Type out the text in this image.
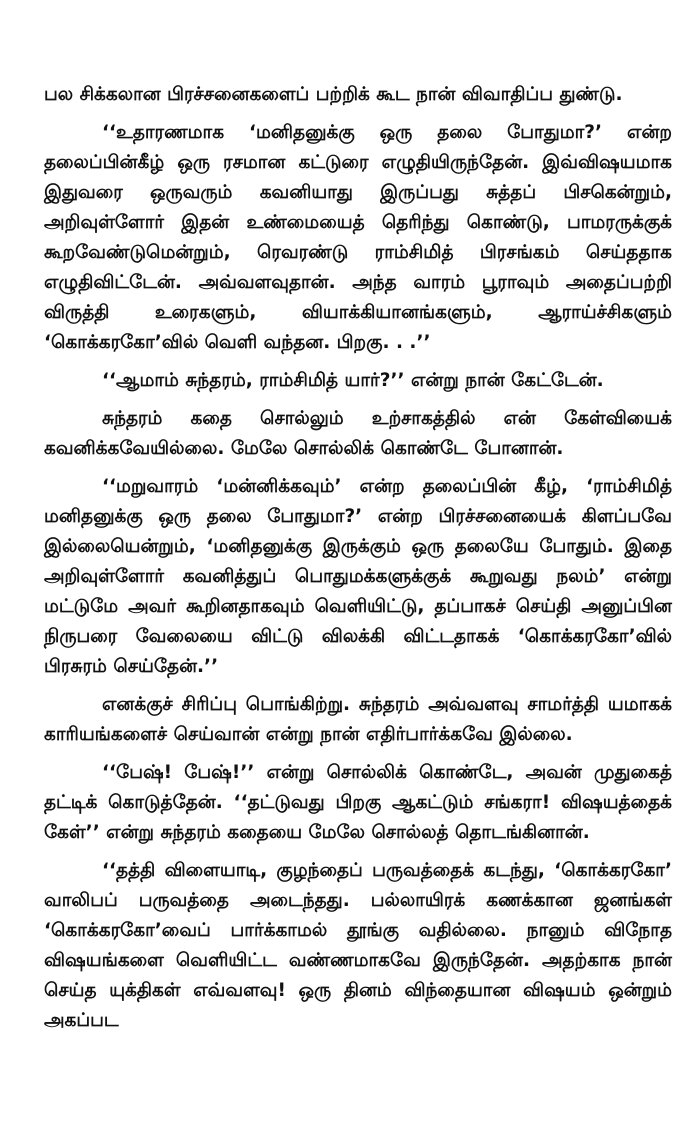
பல சிக்கலான பிரச்சனைகளைப் பற்றிக் கூட நான் விவாதிப்ப துண்டு.

‘‘உதாரணமாக ‘மனிதனுக்கு ஒரு தலை போதுமா?’ என்ற தலைப்பின்கீழ் ஒரு ரசமான கட்டுரை எழுதியிருந்தேன். இவ்விஷயமாக இதுவரை ஒருவரும் கவனியாது இருப்பது சுத்தப் பிசகென்றும், அறிவுள்ளோர் இதன் உண்மையைத் தெரிந்து கொண்டு, பாமரருக்குக் கூறவேண்டுமென்றும், ரெவரண்டு ராம்சிமித் பிரசங்கம் செய்ததாக எழுதிவிட்டேன். அவ்வளவுதான். அந்த வாரம் பூராவும் அதைப்பற்றி விருத்தி உரைகளும், வியாக்கியானங்களும், ஆராய்ச்சிகளும் ‘கொக்கரகோ’வில் வெளி வந்தன. பிறகு. . .’’

‘‘ஆமாம் சுந்தரம், ராம்சிமித் யார்?’’ என்று நான் கேட்டேன்.

சுந்தரம் கதை சொல்லும் உற்சாகத்தில் என் கேள்வியைக் கவனிக்கவேயில்லை. மேலே சொல்லிக் கொண்டே போனான்.

‘‘மறுவாரம் ‘மன்னிக்கவும்’ என்ற தலைப்பின் கீழ், ‘ராம்சிமித் மனிதனுக்கு ஒரு தலை போதுமா?’ என்ற பிரச்சனையைக் கிளப்பவே இல்லையென்றும், ‘மனிதனுக்கு இருக்கும் ஒரு தலையே போதும். இதை அறிவுள்ளோர் கவனித்துப் பொதுமக்களுக்குக் கூறுவது நலம்’ என்று மட்டுமே அவர் கூறினதாகவும் வெளியிட்டு, தப்பாகச் செய்தி அனுப்பின நிருபரை வேலையை விட்டு விலக்கி விட்டதாகக் ‘கொக்கரகோ’வில் பிரசுரம் செய்தேன்.’’

எனக்குச் சிரிப்பு பொங்கிற்று. சுந்தரம் அவ்வளவு சாமர்த்தி யமாகக் காரியங்களைச் செய்வான் என்று நான் எதிர்பார்க்கவே இல்லை.

‘‘பேஷ்! பேஷ்!’’ என்று சொல்லிக் கொண்டே, அவன் முதுகைத் தட்டிக் கொடுத்தேன். ‘‘தட்டுவது பிறகு ஆகட்டும் சங்கரா! விஷயத்தைக் கேள்’’ என்று சுந்தரம் கதையை மேலே சொல்லத் தொடங்கினான்.

‘‘தத்தி விளையாடி, குழந்தைப் பருவத்தைக் கடந்து, ‘கொக்கரகோ’ வாலிபப் பருவத்தை அடைந்தது. பல்லாயிரக் கணக்கான ஜனங்கள் ‘கொக்கரகோ’வைப் பார்க்காமல் தூங்கு வதில்லை. நானும் விநோத விஷயங்களை வெளியிட்ட வண்ணமாகவே இருந்தேன். அதற்காக நான் செய்த யுக்திகள் எவ்வளவு! ஒரு தினம் விந்தையான விஷயம் ஒன்றும் அகப்பட
